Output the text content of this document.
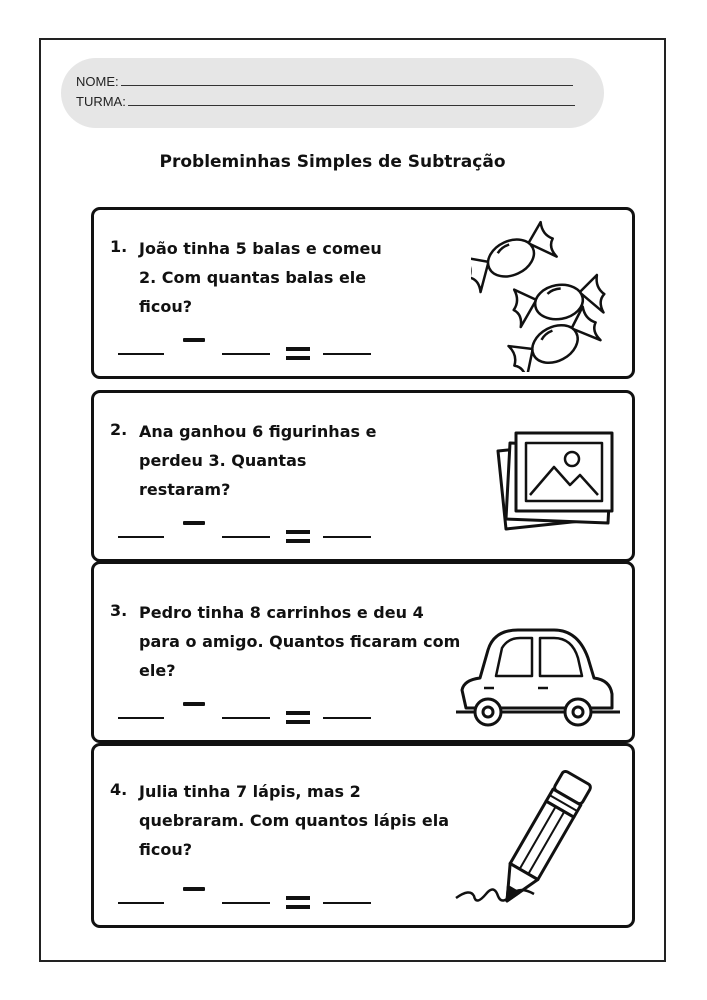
NOME:
TURMA:
Probleminhas Simples de Subtração
1. João tinha 5 balas e comeu
2. Com quantas balas ele
ficou?
2. Ana ganhou 6 figurinhas e
perdeu 3. Quantas
restaram?
3. Pedro tinha 8 carrinhos e deu 4
para o amigo. Quantos ficaram com
ele?
4. Julia tinha 7 lápis, mas 2
quebraram. Com quantos lápis ela
ficou?
